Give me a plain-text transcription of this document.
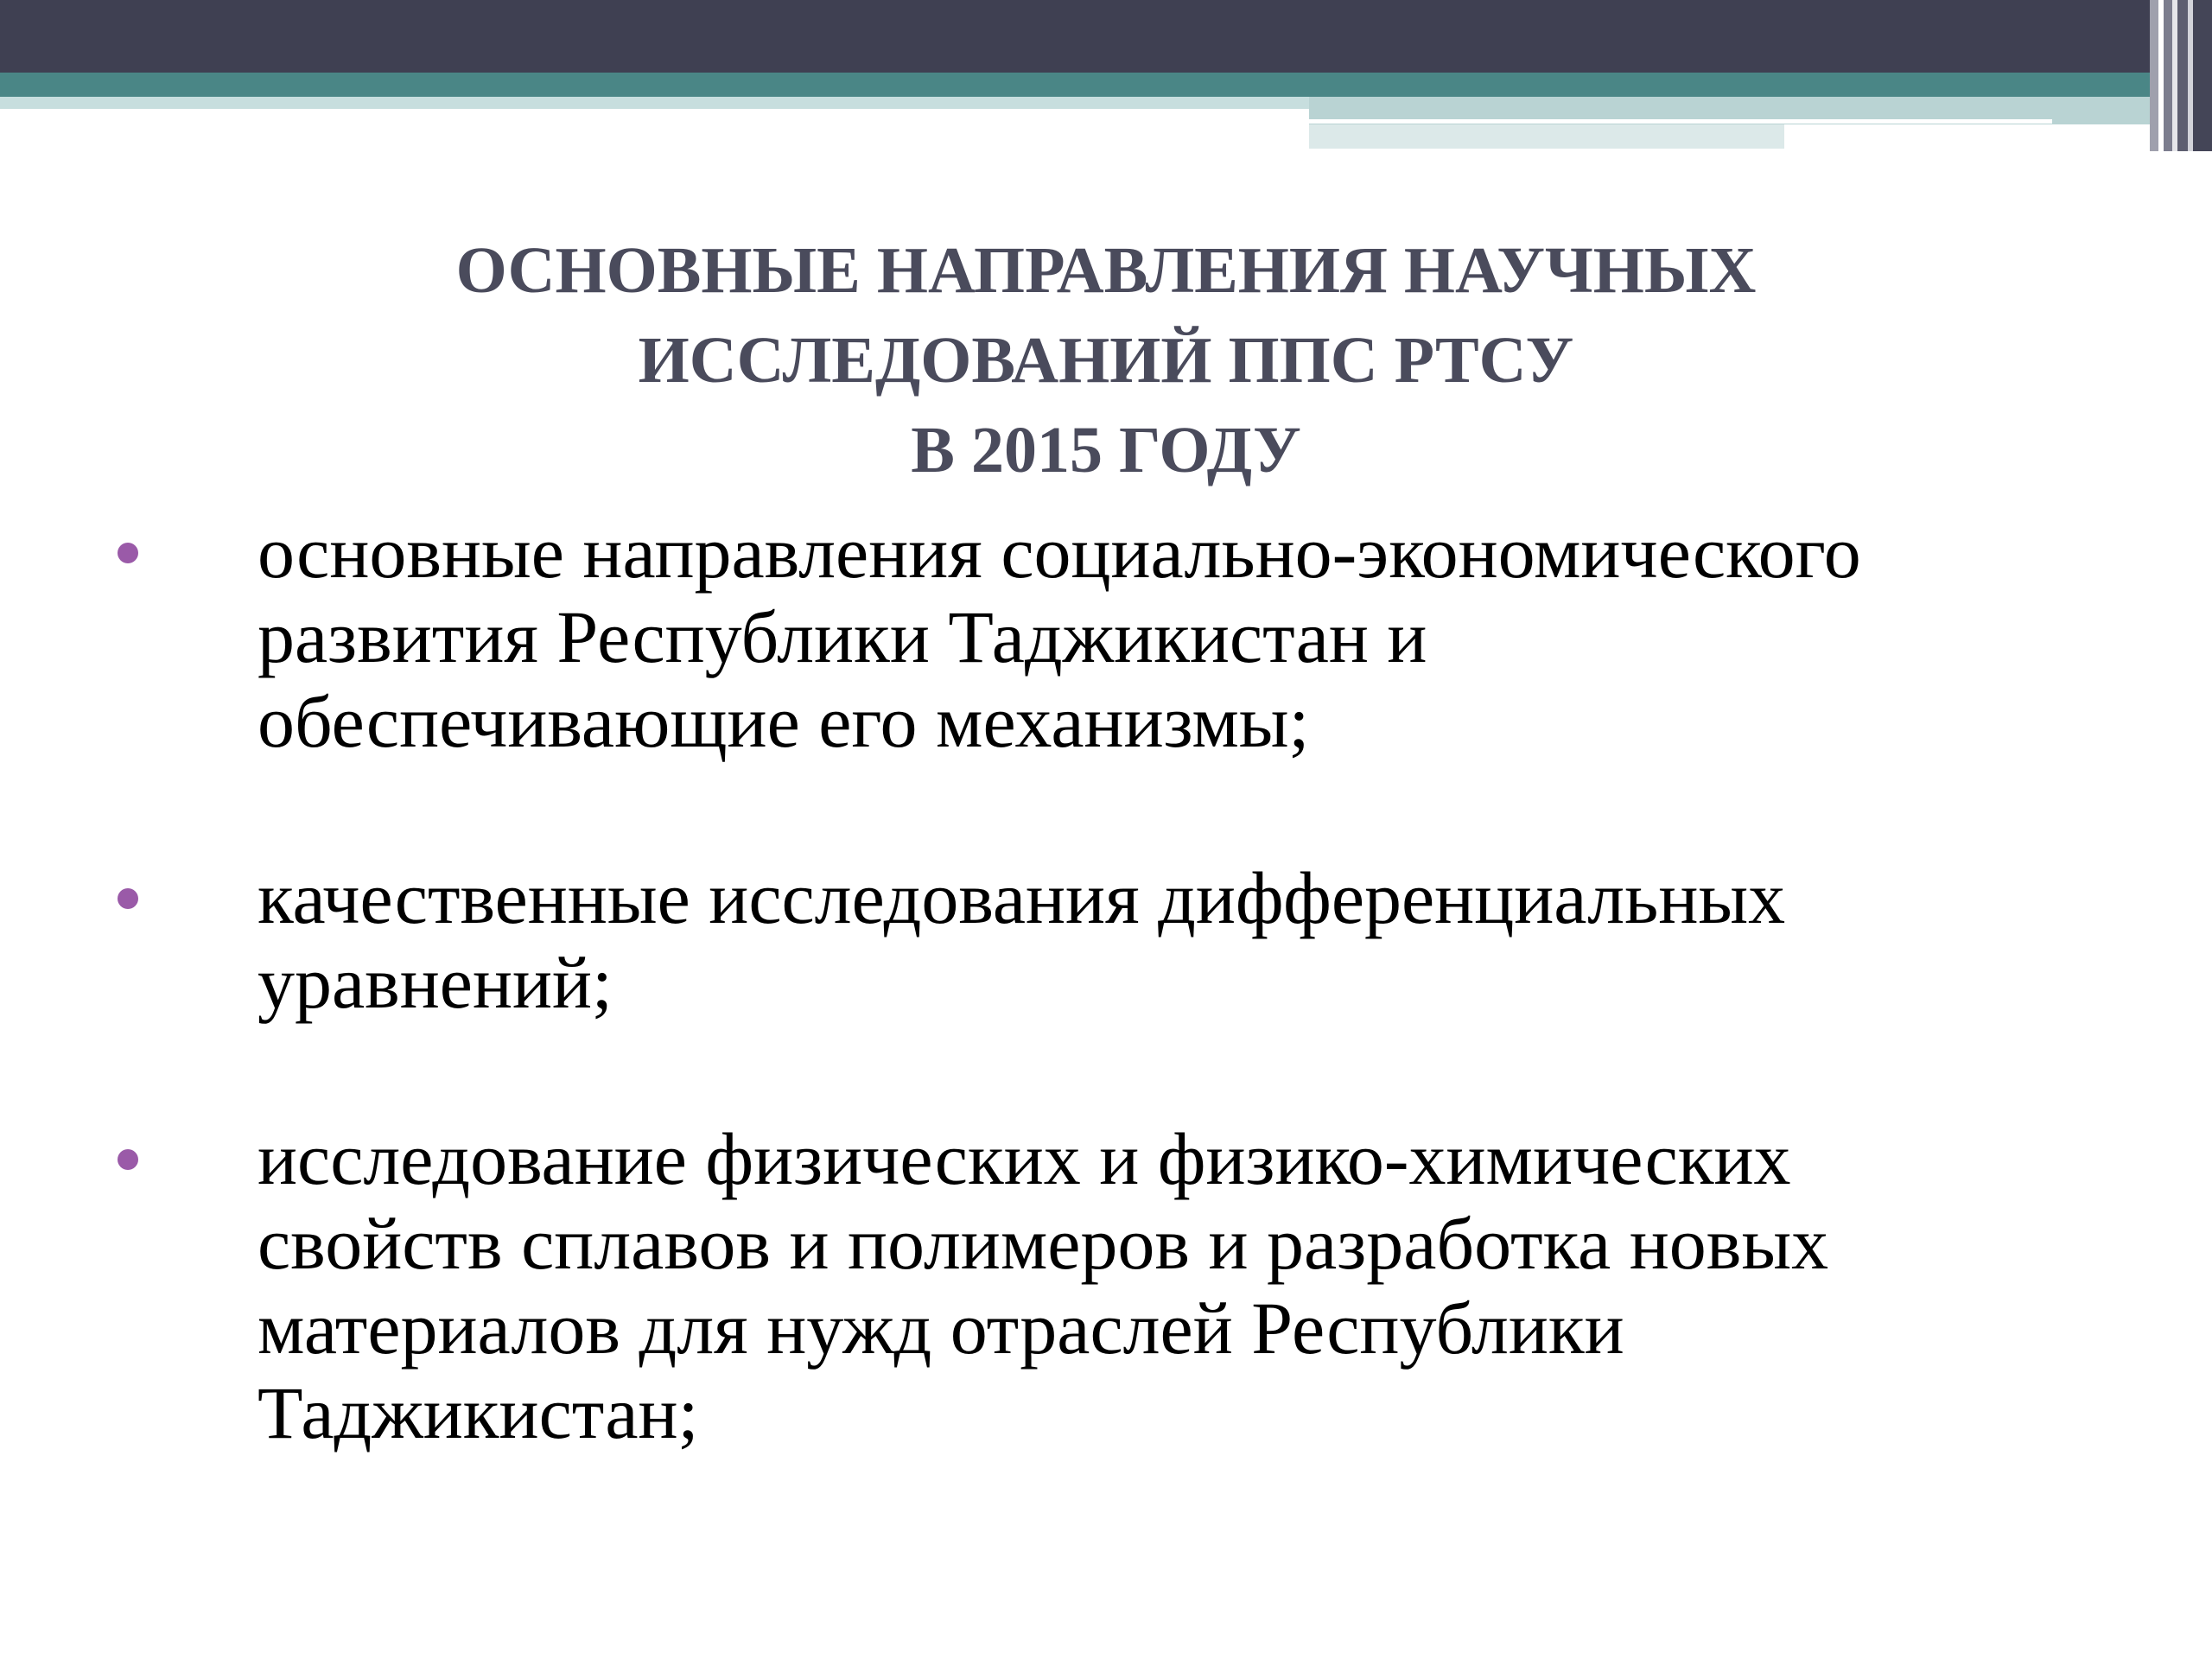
ОСНОВНЫЕ НАПРАВЛЕНИЯ НАУЧНЫХ
ИССЛЕДОВАНИЙ ППС РТСУ
В 2015 ГОДУ
основные направления социально-экономического
развития Республики Таджикистан и
обеспечивающие его механизмы;
качественные исследования дифференциальных
уравнений;
исследование физических и физико-химических
свойств сплавов и полимеров и разработка новых
материалов для нужд отраслей Республики
Таджикистан;
